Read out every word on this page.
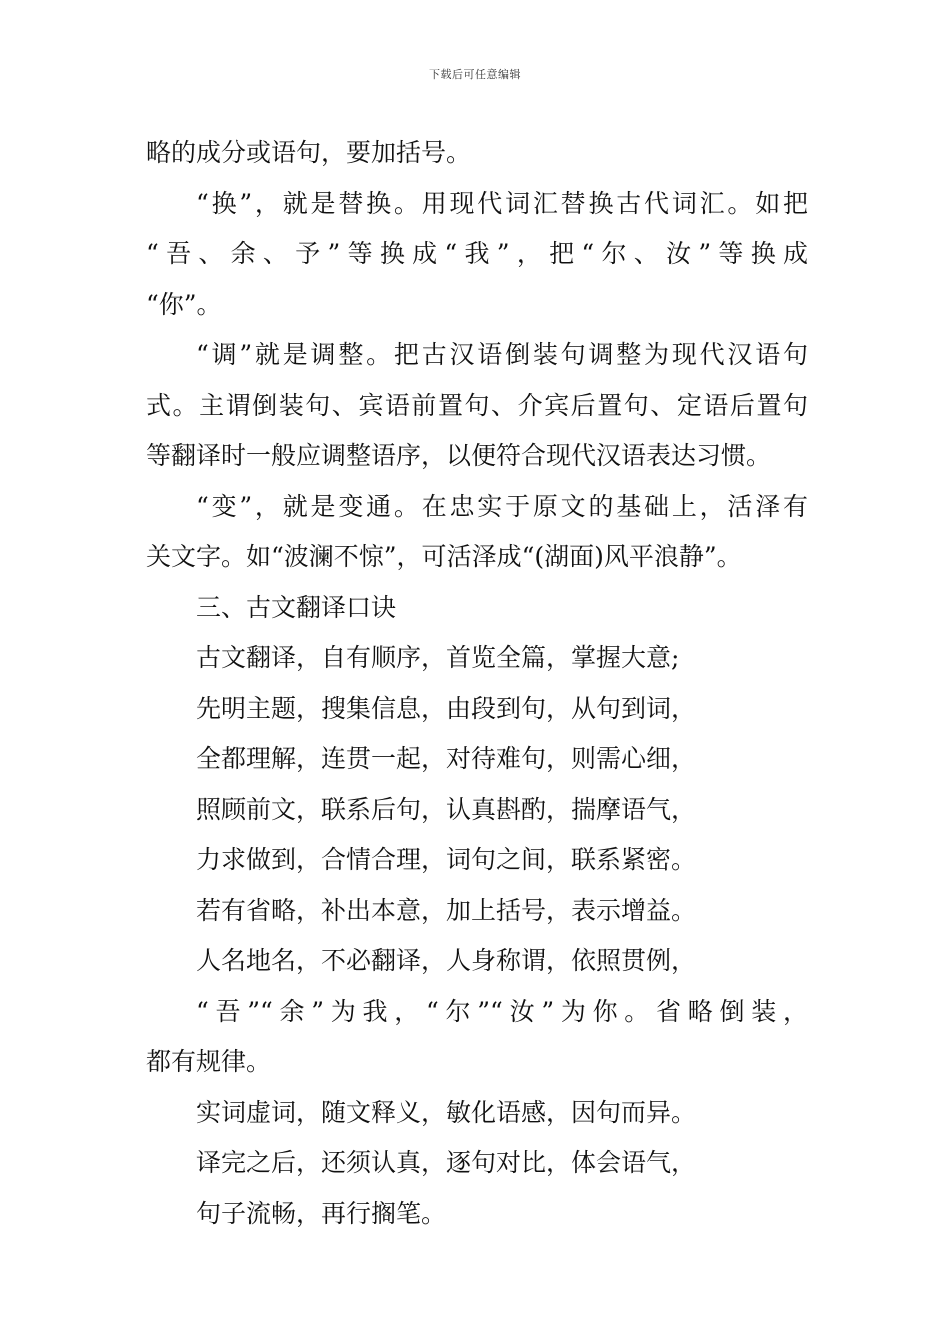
下载后可任意编辑
略的成分或语句，要加括号。
“换”，就是替换。用现代词汇替换古代词汇。如把
“吾、余、予”等换成“我”，把“尔、汝”等换成
“你”。
“调”就是调整。把古汉语倒装句调整为现代汉语句
式。主谓倒装句、宾语前置句、介宾后置句、定语后置句
等翻译时一般应调整语序，以便符合现代汉语表达习惯。
“变”，就是变通。在忠实于原文的基础上，活泽有
关文字。如“波澜不惊”，可活泽成“(湖面)风平浪静”。
三、古文翻译口诀
古文翻译，自有顺序，首览全篇，掌握大意;
先明主题，搜集信息，由段到句，从句到词，
全都理解，连贯一起，对待难句，则需心细，
照顾前文，联系后句，认真斟酌，揣摩语气，
力求做到，合情合理，词句之间，联系紧密。
若有省略，补出本意，加上括号，表示增益。
人名地名，不必翻译，人身称谓，依照贯例，
“吾”“余”为我，“尔”“汝”为你。省略倒装，
都有规律。
实词虚词，随文释义，敏化语感，因句而异。
译完之后，还须认真，逐句对比，体会语气，
句子流畅，再行搁笔。
